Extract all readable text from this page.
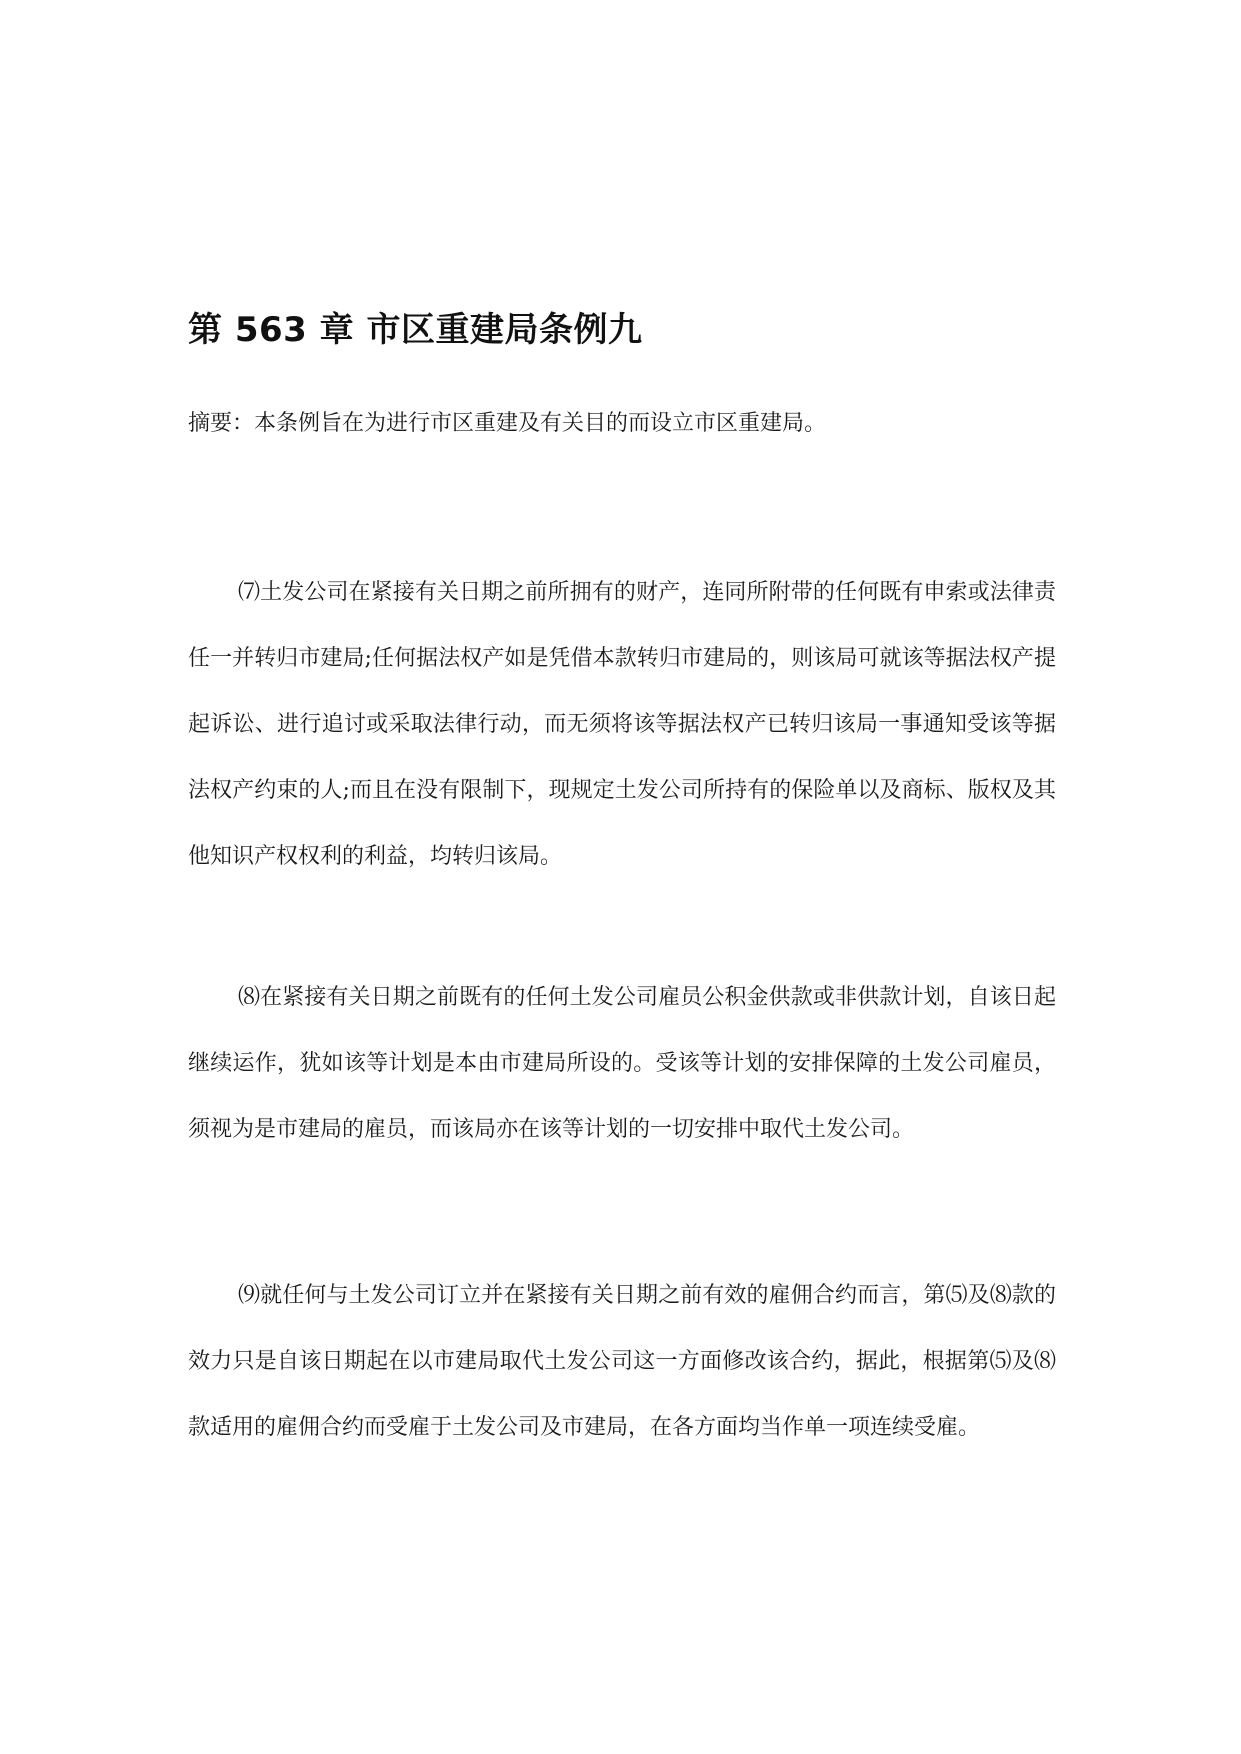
第 563 章 市区重建局条例九

摘要：本条例旨在为进行市区重建及有关目的而设立市区重建局。

⑺土发公司在紧接有关日期之前所拥有的财产，连同所附带的任何既有申索或法律责任一并转归市建局;任何据法权产如是凭借本款转归市建局的，则该局可就该等据法权产提起诉讼、进行追讨或采取法律行动，而无须将该等据法权产已转归该局一事通知受该等据法权产约束的人;而且在没有限制下，现规定土发公司所持有的保险单以及商标、版权及其他知识产权权利的利益，均转归该局。

⑻在紧接有关日期之前既有的任何土发公司雇员公积金供款或非供款计划，自该日起继续运作，犹如该等计划是本由市建局所设的。受该等计划的安排保障的土发公司雇员，须视为是市建局的雇员，而该局亦在该等计划的一切安排中取代土发公司。

⑼就任何与土发公司订立并在紧接有关日期之前有效的雇佣合约而言，第⑸及⑻款的效力只是自该日期起在以市建局取代土发公司这一方面修改该合约，据此，根据第⑸及⑻款适用的雇佣合约而受雇于土发公司及市建局，在各方面均当作单一项连续受雇。
